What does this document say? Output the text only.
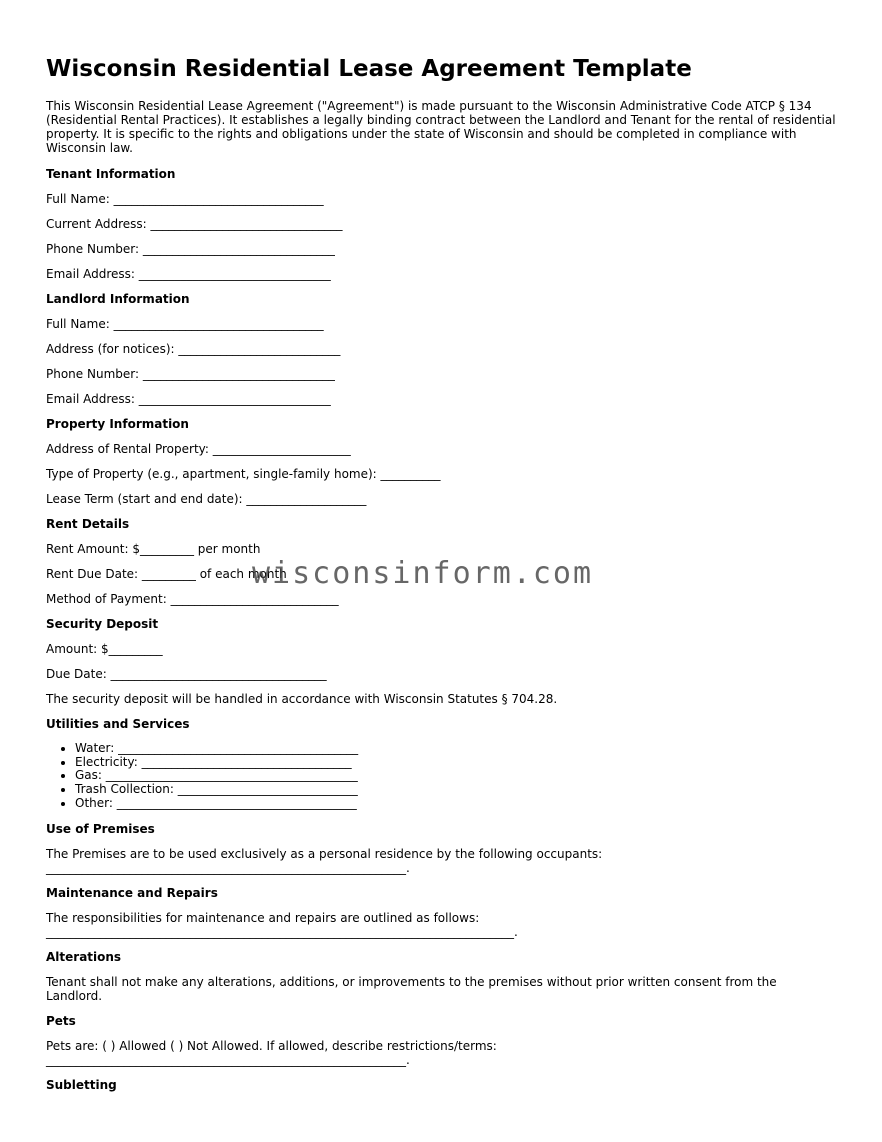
Wisconsin Residential Lease Agreement Template

This Wisconsin Residential Lease Agreement ("Agreement") is made pursuant to the Wisconsin Administrative Code ATCP § 134 (Residential Rental Practices). It establishes a legally binding contract between the Landlord and Tenant for the rental of residential property. It is specific to the rights and obligations under the state of Wisconsin and should be completed in compliance with Wisconsin law.

Tenant Information

Full Name: ___________________________________

Current Address: ________________________________

Phone Number: ________________________________

Email Address: ________________________________

Landlord Information

Full Name: ___________________________________

Address (for notices): ___________________________

Phone Number: ________________________________

Email Address: ________________________________

Property Information

Address of Rental Property: _______________________

Type of Property (e.g., apartment, single-family home): __________

Lease Term (start and end date): ____________________

Rent Details

Rent Amount: $_________ per month

Rent Due Date: _________ of each month

Method of Payment: ____________________________

Security Deposit

Amount: $_________

Due Date: ____________________________________

The security deposit will be handled in accordance with Wisconsin Statutes § 704.28.

Utilities and Services
• Water: ________________________________________
• Electricity: ___________________________________
• Gas: __________________________________________
• Trash Collection: ______________________________
• Other: ________________________________________
Use of Premises

The Premises are to be used exclusively as a personal residence by the following occupants: ____________________________________________________________.

Maintenance and Repairs

The responsibilities for maintenance and repairs are outlined as follows: ______________________________________________________________________________.

Alterations

Tenant shall not make any alterations, additions, or improvements to the premises without prior written consent from the Landlord.

Pets

Pets are: ( ) Allowed ( ) Not Allowed. If allowed, describe restrictions/terms: ____________________________________________________________.

Subletting
wisconsinform.com
